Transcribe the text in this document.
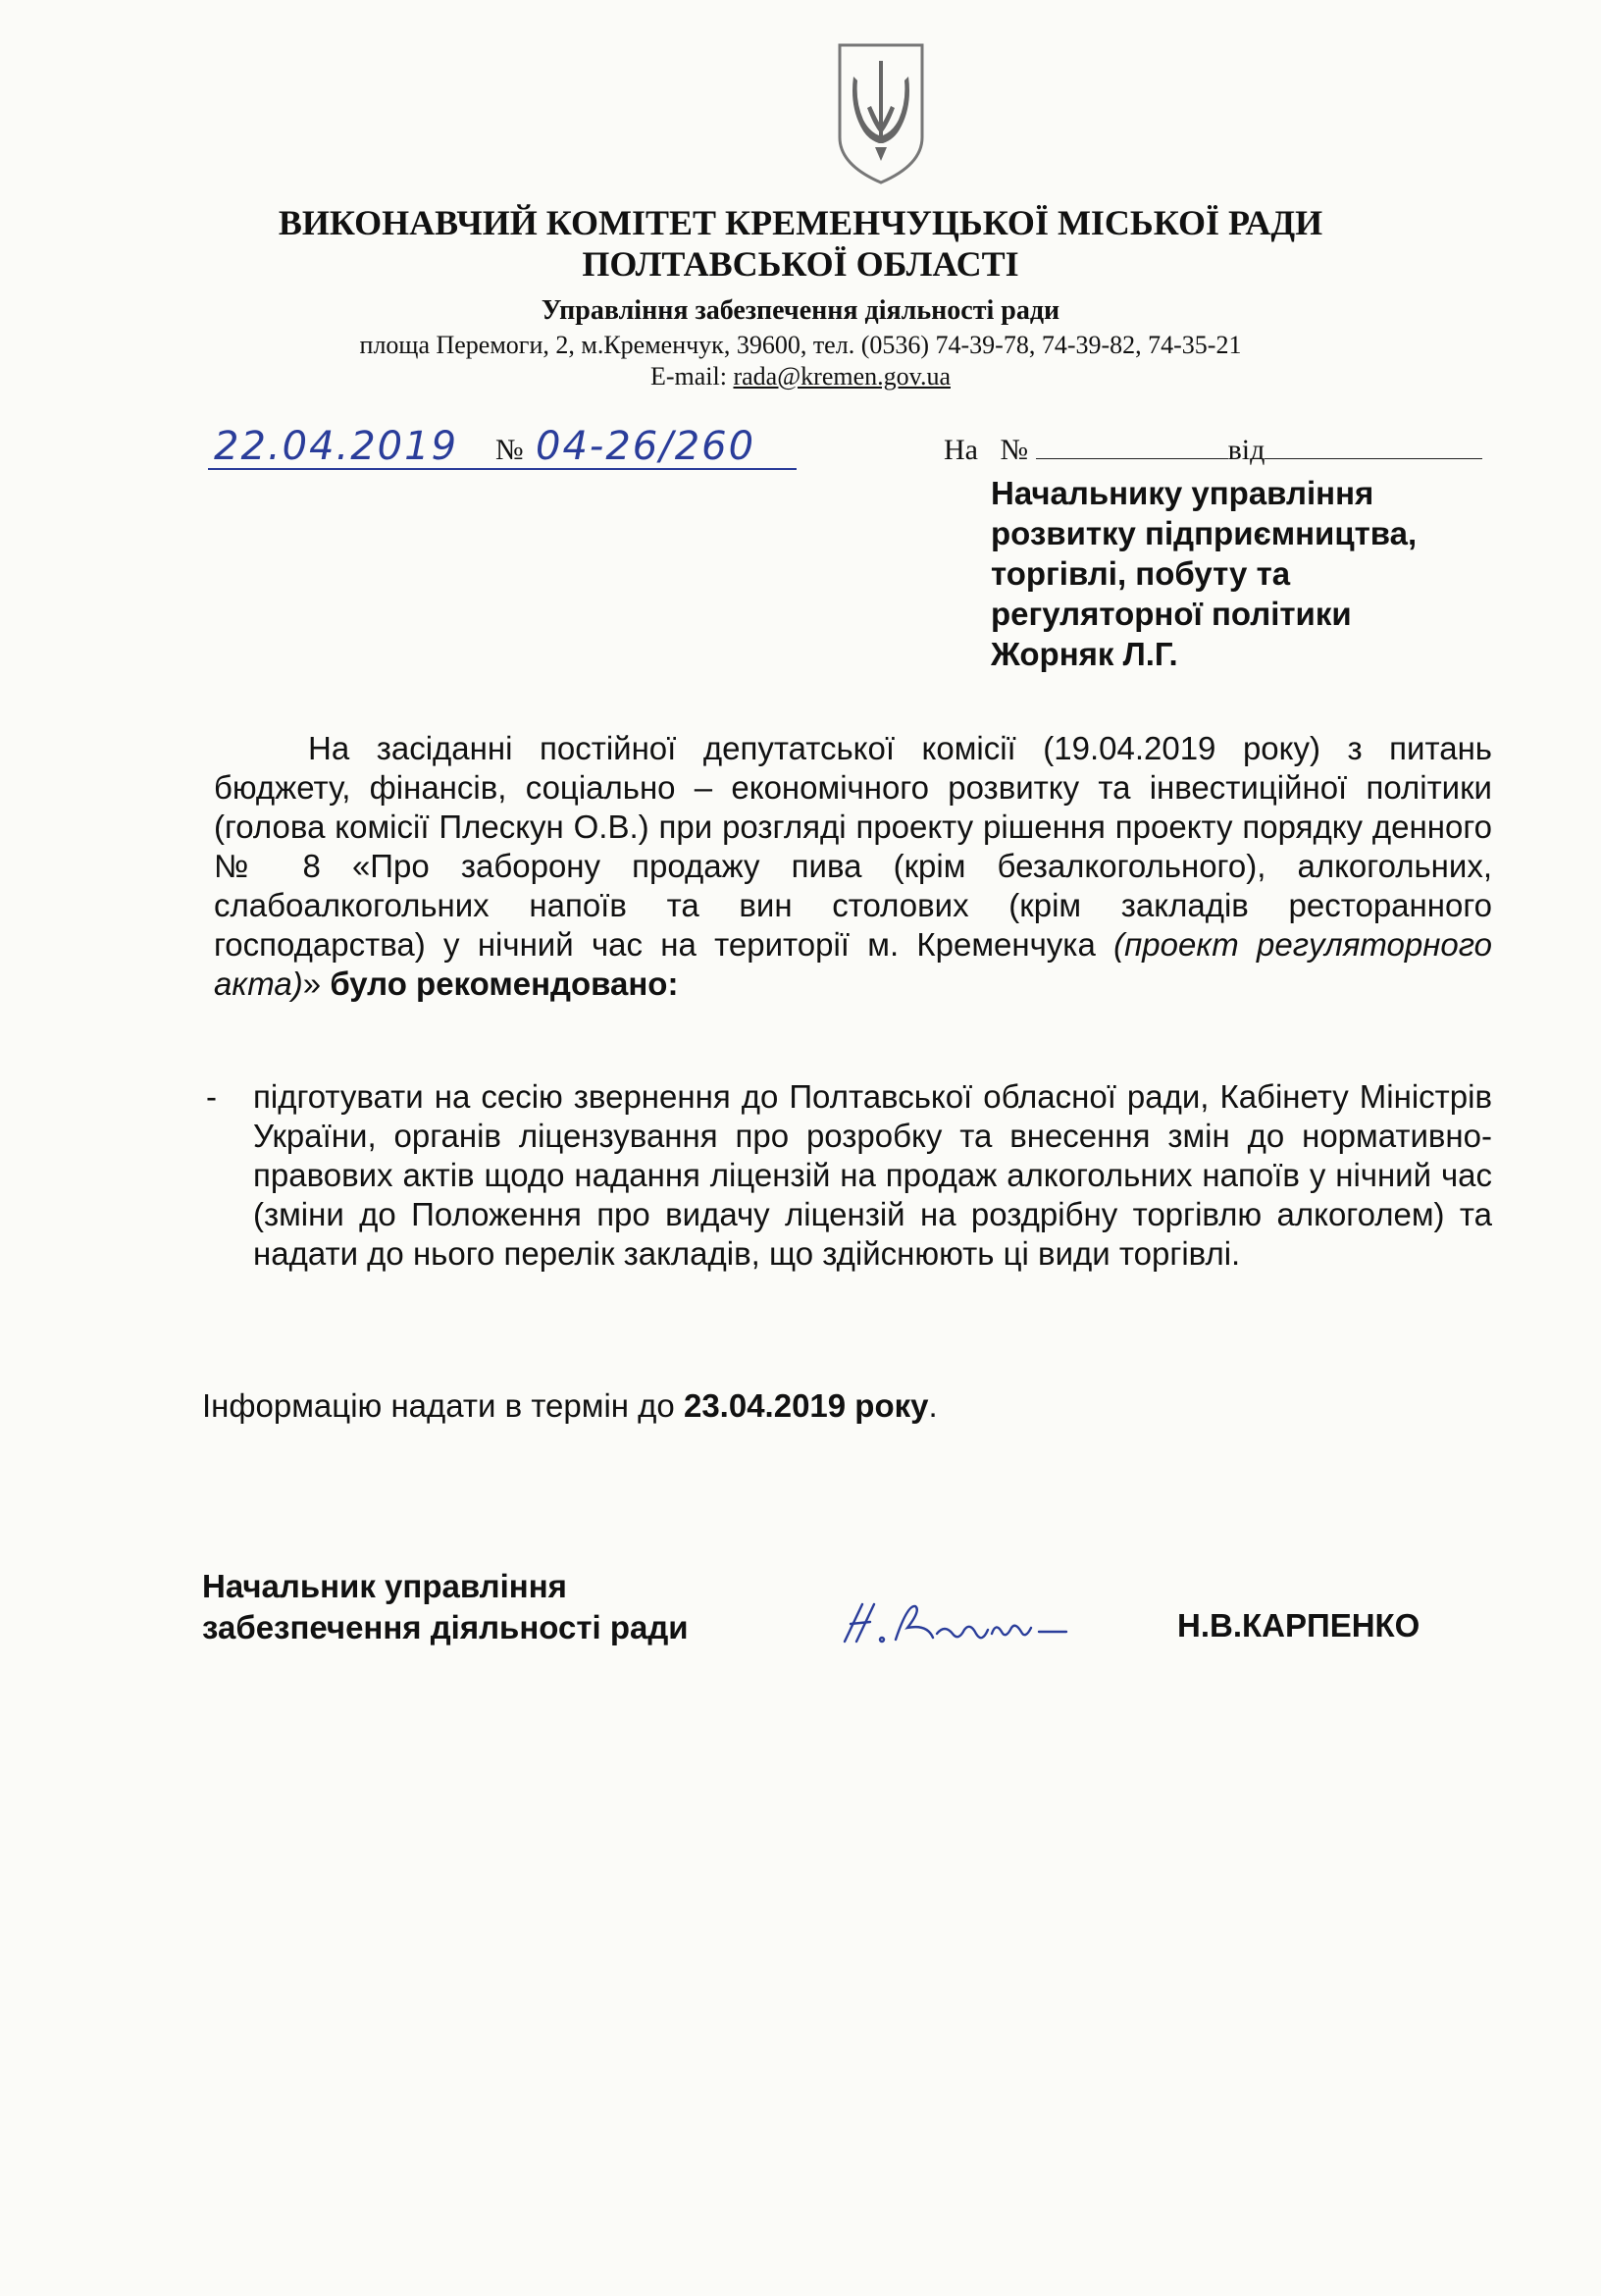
ВИКОНАВЧИЙ КОМІТЕТ КРЕМЕНЧУЦЬКОЇ МІСЬКОЇ РАДИ
ПОЛТАВСЬКОЇ ОБЛАСТІ
Управління забезпечення діяльності ради
площа Перемоги, 2, м.Кременчук, 39600, тел. (0536) 74-39-78, 74-39-82, 74-35-21
E-mail: rada@kremen.gov.ua
22.04.2019 № 04-26/260	На №	від
Начальнику управління
розвитку підприємництва,
торгівлі, побуту та
регуляторної політики
Жорняк Л.Г.
На засіданні постійної депутатської комісії (19.04.2019 року) з питань бюджету, фінансів, соціально – економічного розвитку та інвестиційної політики (голова комісії Плескун О.В.) при розгляді проекту рішення проекту порядку денного № 8 «Про заборону продажу пива (крім безалкогольного), алкогольних, слабоалкогольних напоїв та вин столових (крім закладів ресторанного господарства) у нічний час на території м. Кременчука (проект регуляторного акта)» було рекомендовано:
- підготувати на сесію звернення до Полтавської обласної ради, Кабінету Міністрів України, органів ліцензування про розробку та внесення змін до нормативно-правових актів щодо надання ліцензій на продаж алкогольних напоїв у нічний час (зміни до Положення про видачу ліцензій на роздрібну торгівлю алкоголем) та надати до нього перелік закладів, що здійснюють ці види торгівлі.
Інформацію надати в термін до 23.04.2019 року.
Начальник управління
забезпечення діяльності ради	Н.В.КАРПЕНКО
